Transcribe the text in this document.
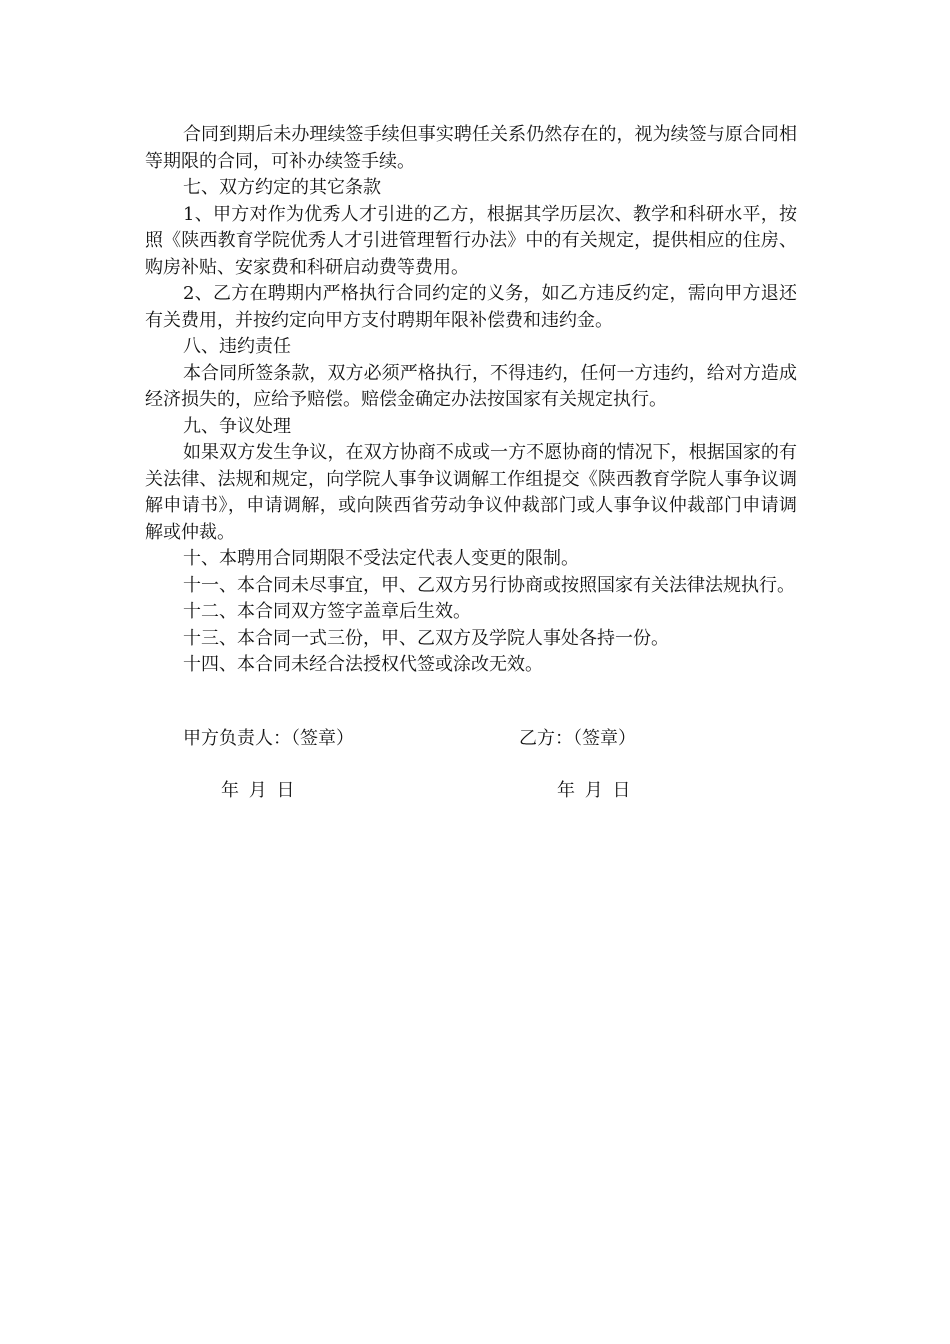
合同到期后未办理续签手续但事实聘任关系仍然存在的，视为续签与原合同相等期限的合同，可补办续签手续。

七、双方约定的其它条款

1、甲方对作为优秀人才引进的乙方，根据其学历层次、教学和科研水平，按照《陕西教育学院优秀人才引进管理暂行办法》中的有关规定，提供相应的住房、购房补贴、安家费和科研启动费等费用。

2、乙方在聘期内严格执行合同约定的义务，如乙方违反约定，需向甲方退还有关费用，并按约定向甲方支付聘期年限补偿费和违约金。

八、违约责任

本合同所签条款，双方必须严格执行，不得违约，任何一方违约，给对方造成经济损失的，应给予赔偿。赔偿金确定办法按国家有关规定执行。

九、争议处理

如果双方发生争议，在双方协商不成或一方不愿协商的情况下，根据国家的有关法律、法规和规定，向学院人事争议调解工作组提交《陕西教育学院人事争议调解申请书》，申请调解，或向陕西省劳动争议仲裁部门或人事争议仲裁部门申请调解或仲裁。

十、本聘用合同期限不受法定代表人变更的限制。

十一、本合同未尽事宜，甲、乙双方另行协商或按照国家有关法律法规执行。

十二、本合同双方签字盖章后生效。

十三、本合同一式三份，甲、乙双方及学院人事处各持一份。

十四、本合同未经合法授权代签或涂改无效。

甲方负责人：（签章）	乙方：（签章）
年 月 日	年 月 日
